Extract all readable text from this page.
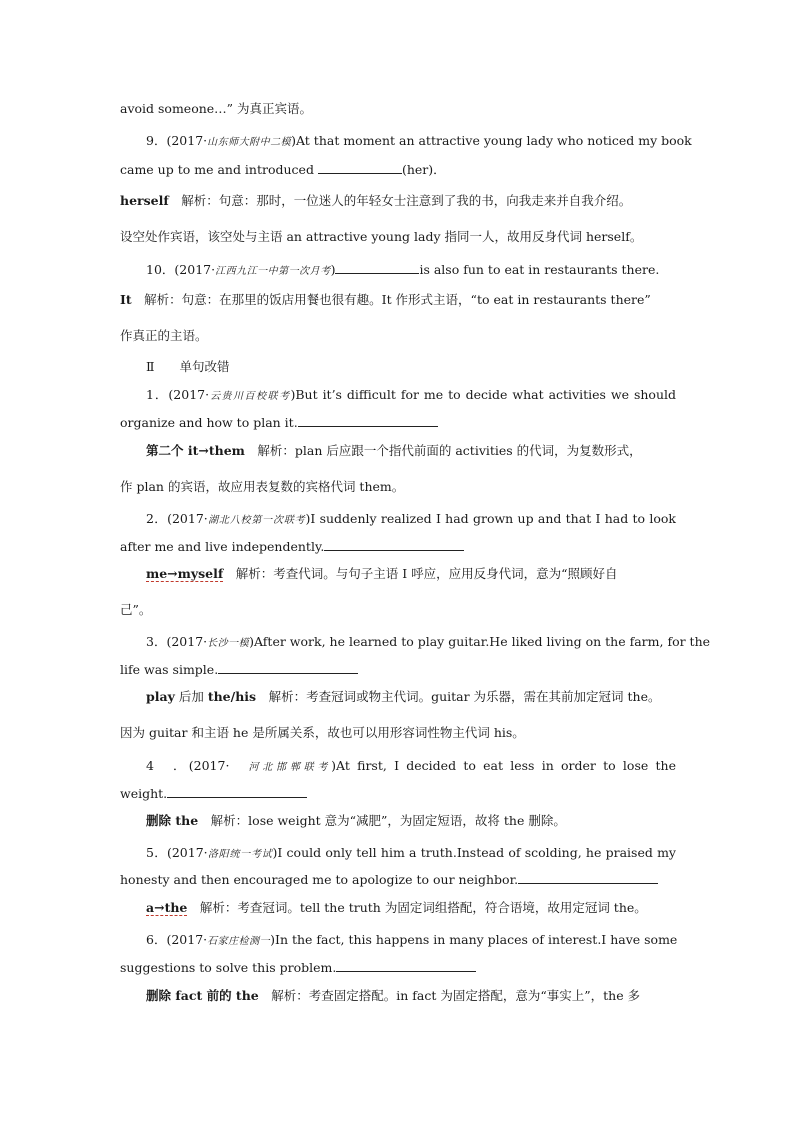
avoid someone…” 为真正宾语。
9．(2017·山东师大附中二模)At that moment an attractive young lady who noticed my book
came up to me and introduced	(her)．
herself　解析：句意：那时，一位迷人的年轻女士注意到了我的书，向我走来并自我介绍。
设空处作宾语，该空处与主语 an attractive young lady 指同一人，故用反身代词 herself。
10．(2017·江西九江一中第一次月考)	is also fun to eat in restaurants there.
It　解析：句意：在那里的饭店用餐也很有趣。It 作形式主语，“to eat in restaurants there”
作真正的主语。
Ⅱ　　单句改错
1．(2017·云贵川百校联考)But it’s difficult for me to decide what activities we should
organize and how to plan it.
第二个 it→them　解析：plan 后应跟一个指代前面的 activities 的代词，为复数形式，
作 plan 的宾语，故应用表复数的宾格代词 them。
2．(2017·湖北八校第一次联考)I suddenly realized I had grown up and that I had to look
after me and live independently.
me→myself　解析：考查代词。与句子主语 I 呼应，应用反身代词，意为“照顾好自
己”。
3．(2017·长沙一模)After work, he learned to play guitar.He liked living on the farm, for the
life was simple.
play 后加 the/his　解析：考查冠词或物主代词。guitar 为乐器，需在其前加定冠词 the。
因为 guitar 和主语 he 是所属关系，故也可以用形容词性物主代词 his。
4　．(2017·　河北邯郸联考)At first, I decided to eat less in order to lose the
weight.
删除 the　解析：lose weight 意为“减肥”，为固定短语，故将 the 删除。
5．(2017·洛阳统一考试)I could only tell him a truth.Instead of scolding, he praised my
honesty and then encouraged me to apologize to our neighbor.
a→the　解析：考查冠词。tell the truth 为固定词组搭配，符合语境，故用定冠词 the。
6．(2017·石家庄检测一)In the fact, this happens in many places of interest.I have some
suggestions to solve this problem.
删除 fact 前的 the　解析：考查固定搭配。in fact 为固定搭配，意为“事实上”，the 多
